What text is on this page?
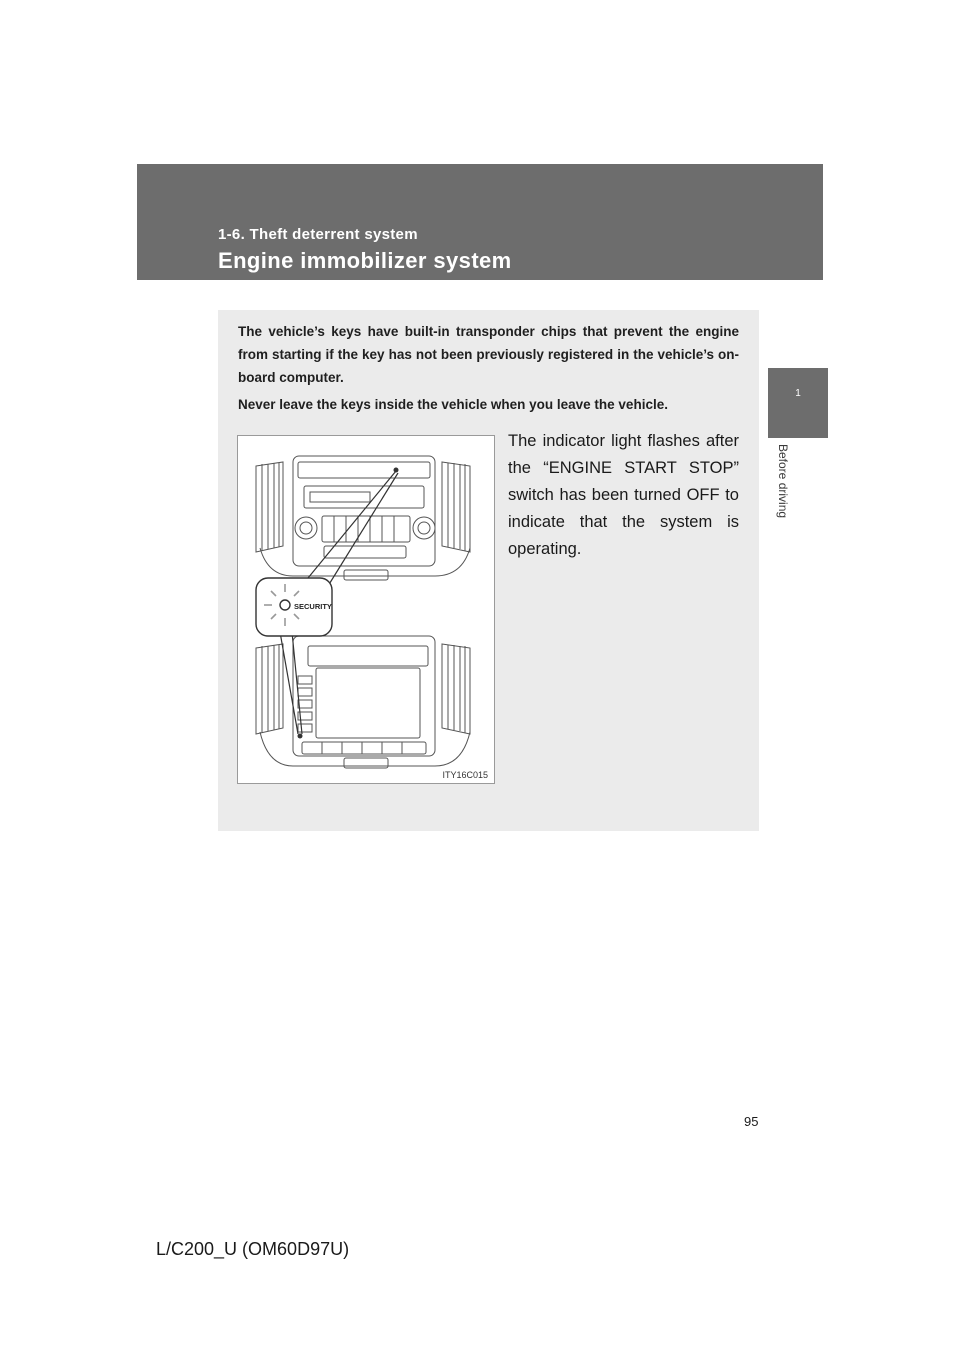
1-6. Theft deterrent system
Engine immobilizer system
1
Before driving
The vehicle’s keys have built-in transponder chips that prevent the engine from starting if the key has not been previously registered in the vehicle’s on-board computer.
Never leave the keys inside the vehicle when you leave the vehicle.
SECURITY
ITY16C015
The indicator light flashes after the “ENGINE START STOP” switch has been turned OFF to indicate that the system is operating.
95
L/C200_U (OM60D97U)
